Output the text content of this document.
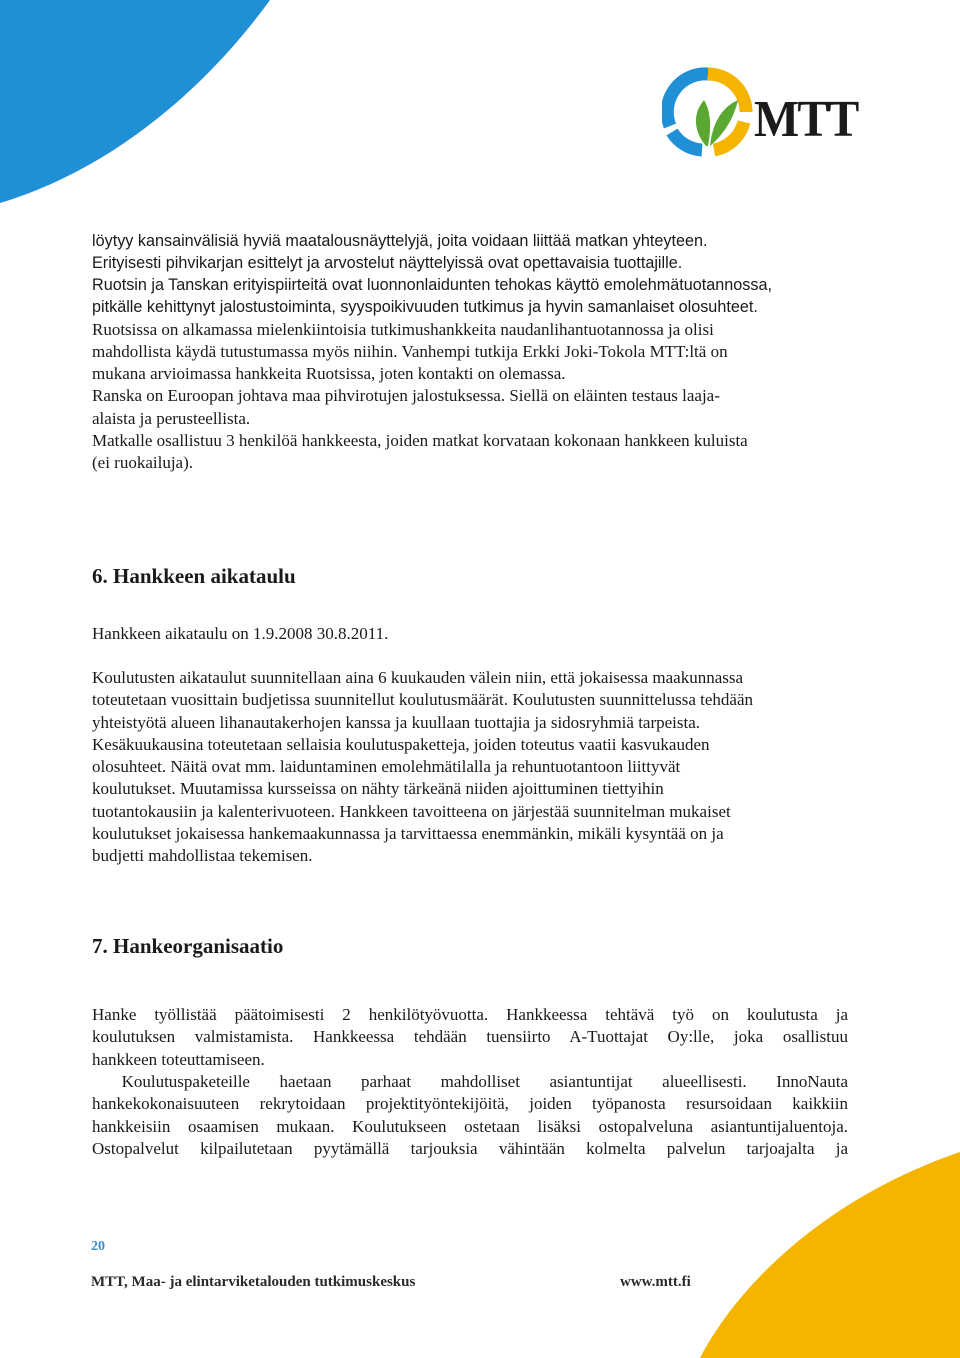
MTT

löytyy kansainvälisiä hyviä maatalousnäyttelyjä, joita voidaan liittää matkan yhteyteen.

Erityisesti pihvikarjan esittelyt ja arvostelut näyttelyissä ovat opettavaisia tuottajille.

Ruotsin ja Tanskan erityispiirteitä ovat luonnonlaidunten tehokas käyttö emolehmätuotannossa,

pitkälle kehittynyt jalostustoiminta, syyspoikivuuden tutkimus ja hyvin samanlaiset olosuhteet.

Ruotsissa on alkamassa mielenkiintoisia tutkimushankkeita naudanlihantuotannossa ja olisi

mahdollista käydä tutustumassa myös niihin. Vanhempi tutkija Erkki Joki-Tokola MTT:ltä on

mukana arvioimassa hankkeita Ruotsissa, joten kontakti on olemassa.

Ranska on Euroopan johtava maa pihvirotujen jalostuksessa. Siellä on eläinten testaus laaja-

alaista ja perusteellista.

Matkalle osallistuu 3 henkilöä hankkeesta, joiden matkat korvataan kokonaan hankkeen kuluista

(ei ruokailuja).

6. Hankkeen aikataulu

Hankkeen aikataulu on 1.9.2008 30.8.2011.

Koulutusten aikataulut suunnitellaan aina 6 kuukauden välein niin, että jokaisessa maakunnassa

toteutetaan vuosittain budjetissa suunnitellut koulutusmäärät. Koulutusten suunnittelussa tehdään

yhteistyötä alueen lihanautakerhojen kanssa ja kuullaan tuottajia ja sidosryhmiä tarpeista.

Kesäkuukausina toteutetaan sellaisia koulutuspaketteja, joiden toteutus vaatii kasvukauden

olosuhteet. Näitä ovat mm. laiduntaminen emolehmätilalla ja rehuntuotantoon liittyvät

koulutukset. Muutamissa kursseissa on nähty tärkeänä niiden ajoittuminen tiettyihin

tuotantokausiin ja kalenterivuoteen. Hankkeen tavoitteena on järjestää suunnitelman mukaiset

koulutukset jokaisessa hankemaakunnassa ja tarvittaessa enemmänkin, mikäli kysyntää on ja

budjetti mahdollistaa tekemisen.

7. Hankeorganisaatio

Hanke työllistää päätoimisesti 2 henkilötyövuotta. Hankkeessa tehtävä työ on koulutusta ja

koulutuksen valmistamista. Hankkeessa tehdään tuensiirto A-Tuottajat Oy:lle, joka osallistuu

hankkeen toteuttamiseen.

Koulutuspaketeille haetaan parhaat mahdolliset asiantuntijat alueellisesti. InnoNauta

hankekokonaisuuteen rekrytoidaan projektityöntekijöitä, joiden työpanosta resursoidaan kaikkiin

hankkeisiin osaamisen mukaan. Koulutukseen ostetaan lisäksi ostopalveluna asiantuntijaluentoja.

Ostopalvelut kilpailutetaan pyytämällä tarjouksia vähintään kolmelta palvelun tarjoajalta ja

20
MTT, Maa- ja elintarviketalouden tutkimuskeskus	www.mtt.fi
